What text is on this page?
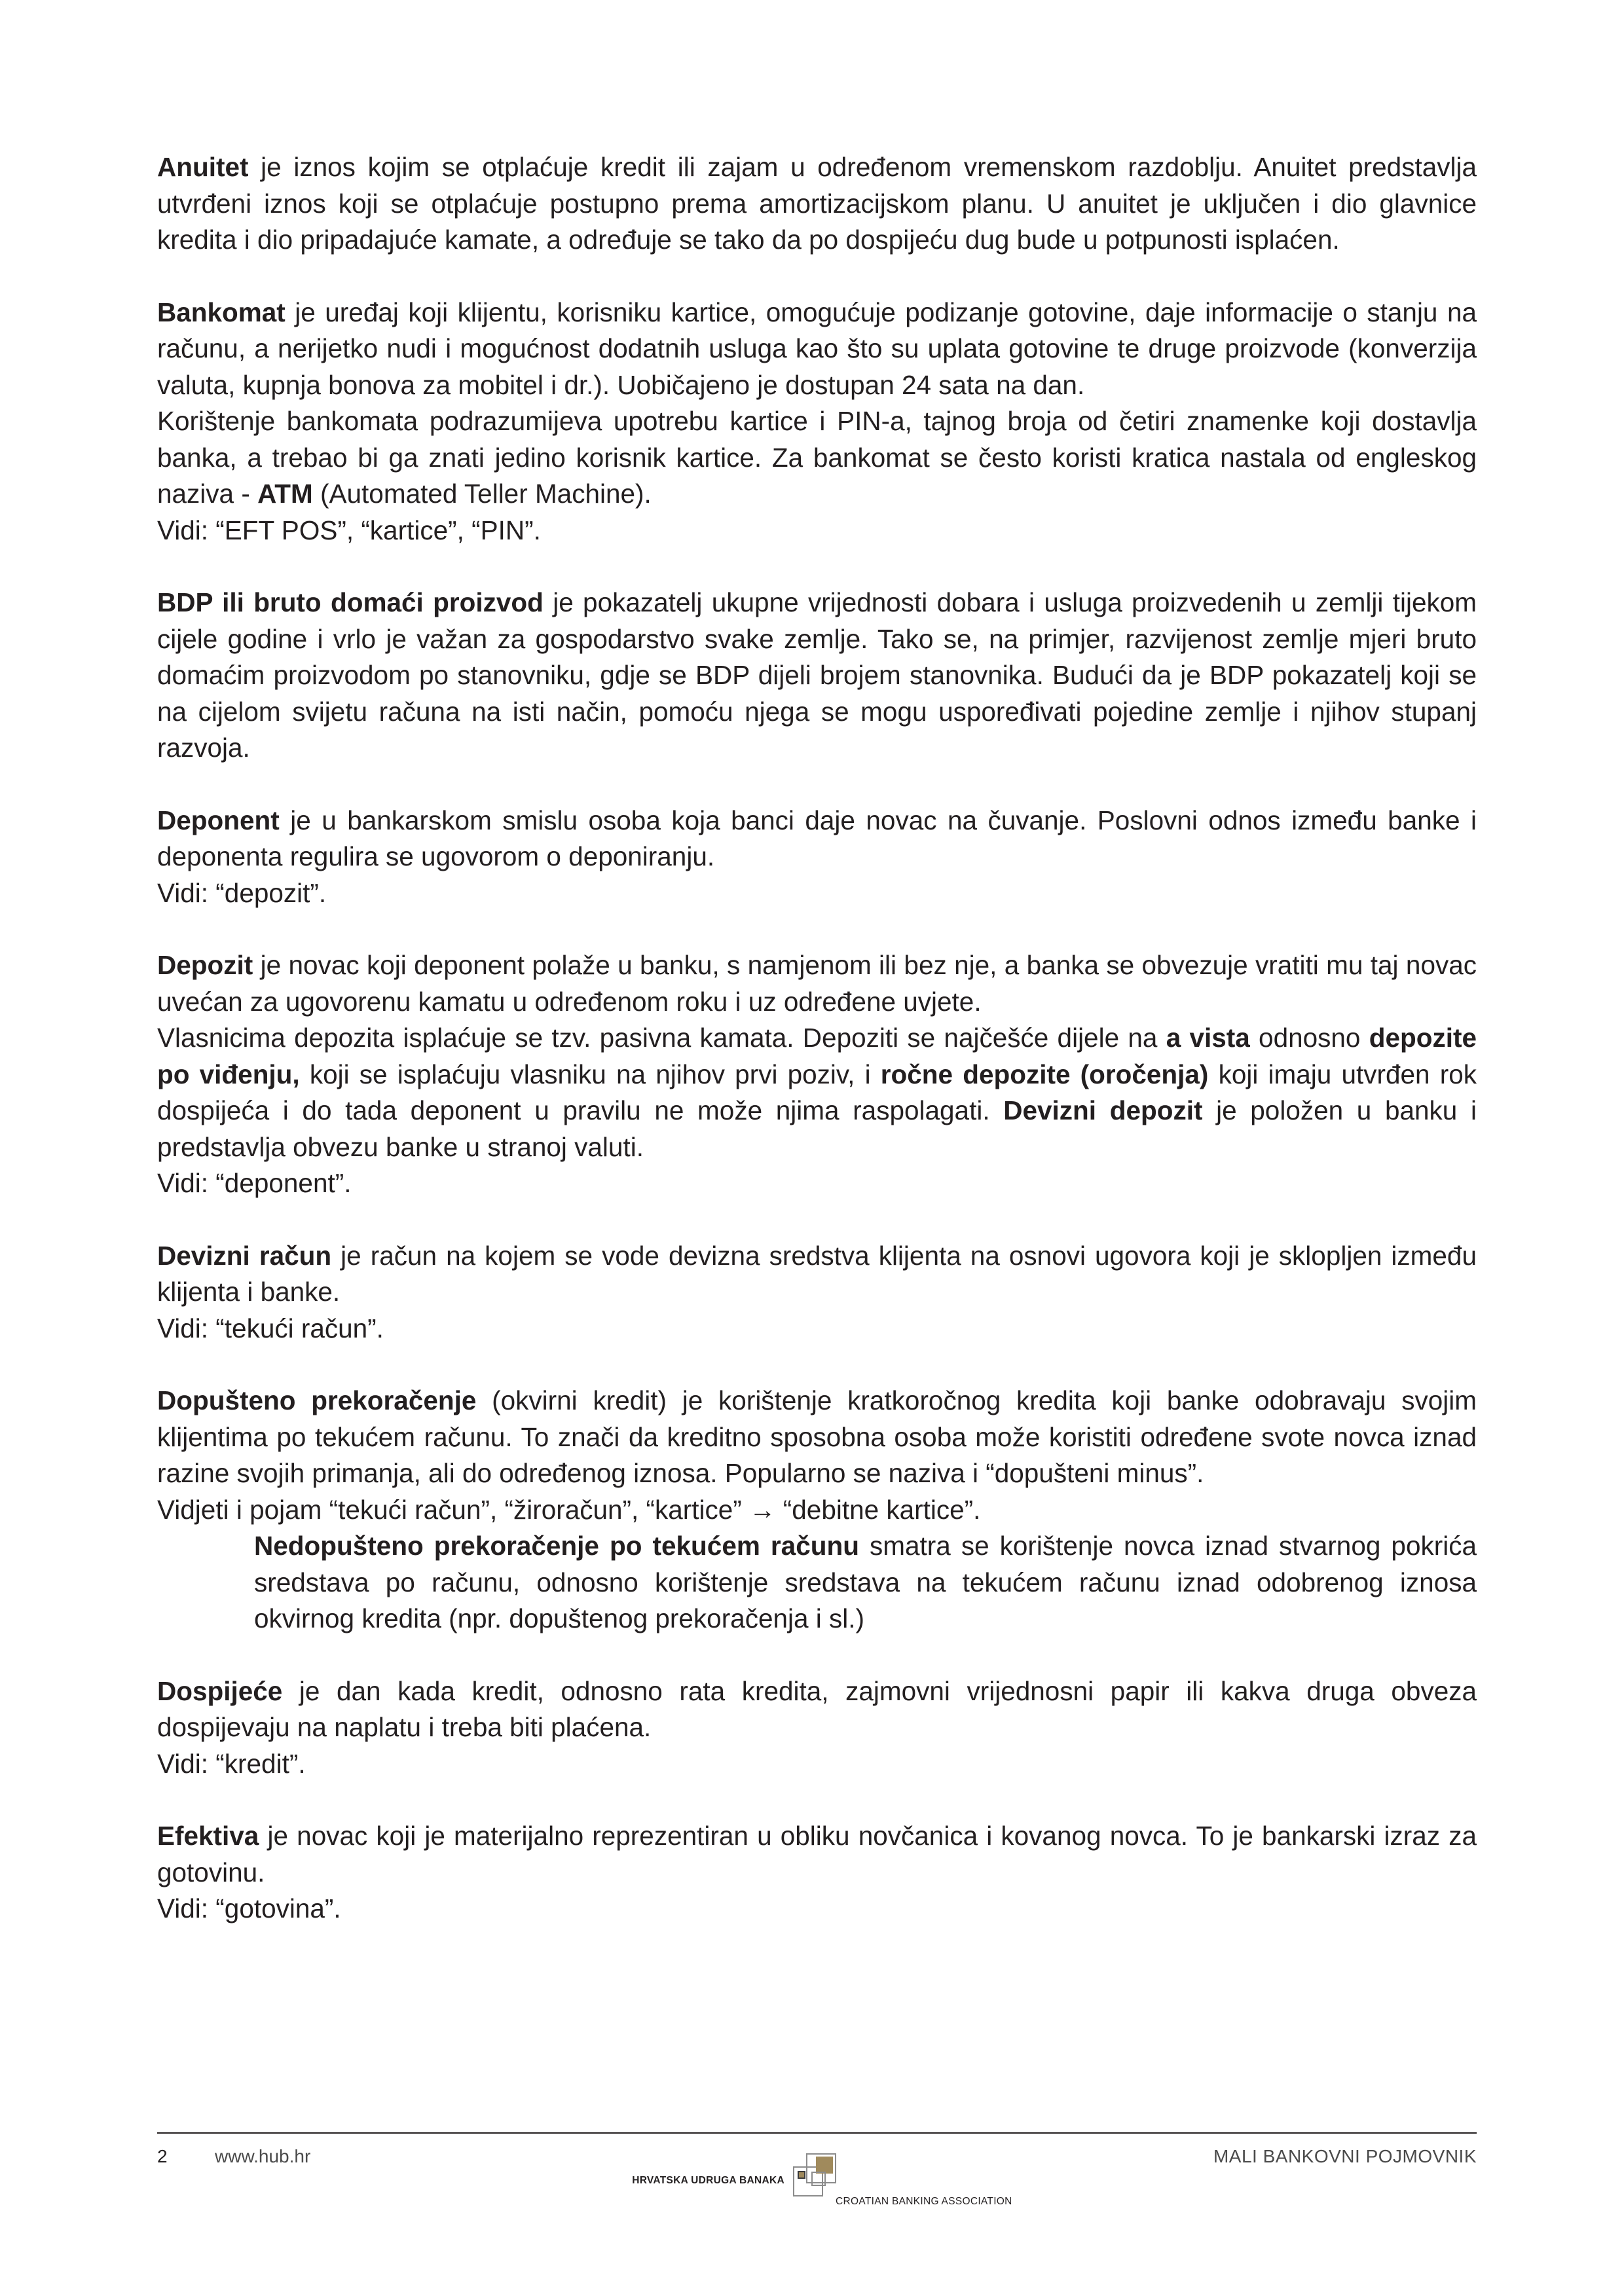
Anuitet je iznos kojim se otplaćuje kredit ili zajam u određenom vremenskom razdoblju. Anuitet predstavlja utvrđeni iznos koji se otplaćuje postupno prema amortizacijskom planu. U anuitet je uključen i dio glavnice kredita i dio pripadajuće kamate, a određuje se tako da po dospijeću dug bude u potpunosti isplaćen.

Bankomat je uređaj koji klijentu, korisniku kartice, omogućuje podizanje gotovine, daje informacije o stanju na računu, a nerijetko nudi i mogućnost dodatnih usluga kao što su uplata gotovine te druge proizvode (konverzija valuta, kupnja bonova za mobitel i dr.). Uobičajeno je dostupan 24 sata na dan.

Korištenje bankomata podrazumijeva upotrebu kartice i PIN-a, tajnog broja od četiri znamenke koji dostavlja banka, a trebao bi ga znati jedino korisnik kartice. Za bankomat se često koristi kratica nastala od engleskog naziva - ATM (Automated Teller Machine).

Vidi: “EFT POS”, “kartice”, “PIN”.

BDP ili bruto domaći proizvod je pokazatelj ukupne vrijednosti dobara i usluga proizvedenih u zemlji tijekom cijele godine i vrlo je važan za gospodarstvo svake zemlje. Tako se, na primjer, razvijenost zemlje mjeri bruto domaćim proizvodom po stanovniku, gdje se BDP dijeli brojem stanovnika. Budući da je BDP pokazatelj koji se na cijelom svijetu računa na isti način, pomoću njega se mogu uspoređivati pojedine zemlje i njihov stupanj razvoja.

Deponent je u bankarskom smislu osoba koja banci daje novac na čuvanje. Poslovni odnos između banke i deponenta regulira se ugovorom o deponiranju.

Vidi: “depozit”.

Depozit je novac koji deponent polaže u banku, s namjenom ili bez nje, a banka se obvezuje vratiti mu taj novac uvećan za ugovorenu kamatu u određenom roku i uz određene uvjete.

Vlasnicima depozita isplaćuje se tzv. pasivna kamata. Depoziti se najčešće dijele na a vista odnosno depozite po viđenju, koji se isplaćuju vlasniku na njihov prvi poziv, i ročne depozite (oročenja) koji imaju utvrđen rok dospijeća i do tada deponent u pravilu ne može njima raspolagati. Devizni depozit je položen u banku i predstavlja obvezu banke u stranoj valuti.

Vidi: “deponent”.

Devizni račun je račun na kojem se vode devizna sredstva klijenta na osnovi ugovora koji je sklopljen između klijenta i banke.

Vidi: “tekući račun”.

Dopušteno prekoračenje (okvirni kredit) je korištenje kratkoročnog kredita koji banke odobravaju svojim klijentima po tekućem računu. To znači da kreditno sposobna osoba može koristiti određene svote novca iznad razine svojih primanja, ali do određenog iznosa. Popularno se naziva i “dopušteni minus”.

Vidjeti i pojam “tekući račun”, “žiroračun”, “kartice” → “debitne kartice”.

Nedopušteno prekoračenje po tekućem računu smatra se korištenje novca iznad stvarnog pokrića sredstava po računu, odnosno korištenje sredstava na tekućem računu iznad odobrenog iznosa okvirnog kredita (npr. dopuštenog prekoračenja i sl.)

Dospijeće je dan kada kredit, odnosno rata kredita, zajmovni vrijednosni papir ili kakva druga obveza dospijevaju na naplatu i treba biti plaćena.

Vidi: “kredit”.

Efektiva je novac koji je materijalno reprezentiran u obliku novčanica i kovanog novca. To je bankarski izraz za gotovinu.

Vidi: “gotovina”.

2	www.hub.hr	MALI BANKOVNI POJMOVNIK
HRVATSKA UDRUGA BANAKA
CROATIAN BANKING ASSOCIATION
